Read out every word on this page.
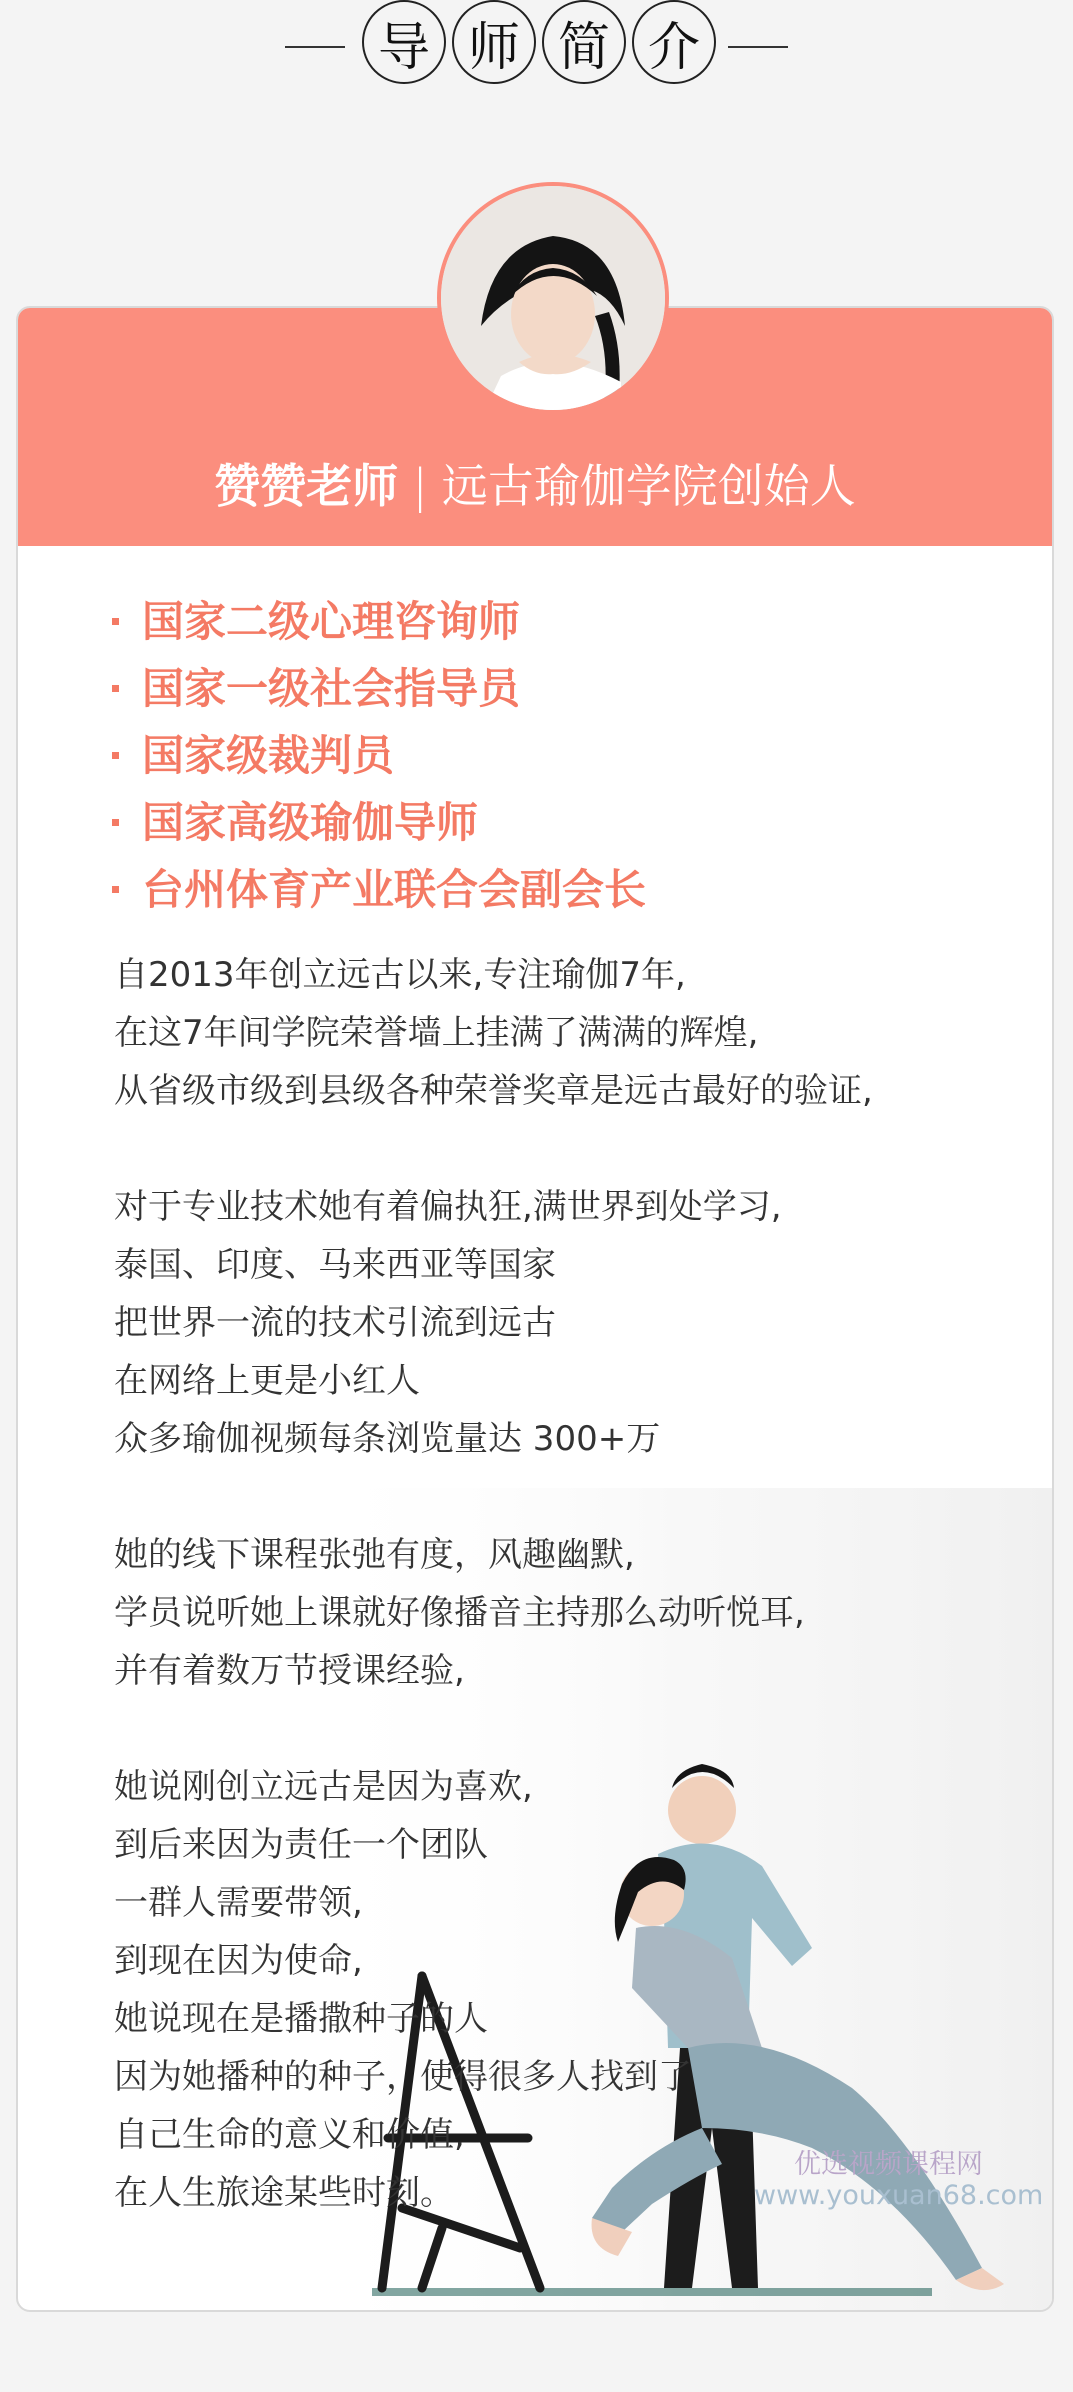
导 师 简 介
赞赞老师 | 远古瑜伽学院创始人
国家二级心理咨询师
国家一级社会指导员
国家级裁判员
国家高级瑜伽导师
台州体育产业联合会副会长
自2013年创立远古以来,专注瑜伽7年,
在这7年间学院荣誉墙上挂满了满满的辉煌,
从省级市级到县级各种荣誉奖章是远古最好的验证,
对于专业技术她有着偏执狂,满世界到处学习,
泰国、印度、马来西亚等国家
把世界一流的技术引流到远古
在网络上更是小红人
众多瑜伽视频每条浏览量达 300+万
她的线下课程张弛有度，风趣幽默,
学员说听她上课就好像播音主持那么动听悦耳,
并有着数万节授课经验,
她说刚创立远古是因为喜欢,
到后来因为责任一个团队
一群人需要带领,
到现在因为使命,
她说现在是播撒种子的人
因为她播种的种子，使得很多人找到了
自己生命的意义和价值,
在人生旅途某些时刻。
优选视频课程网
www.youxuan68.com
